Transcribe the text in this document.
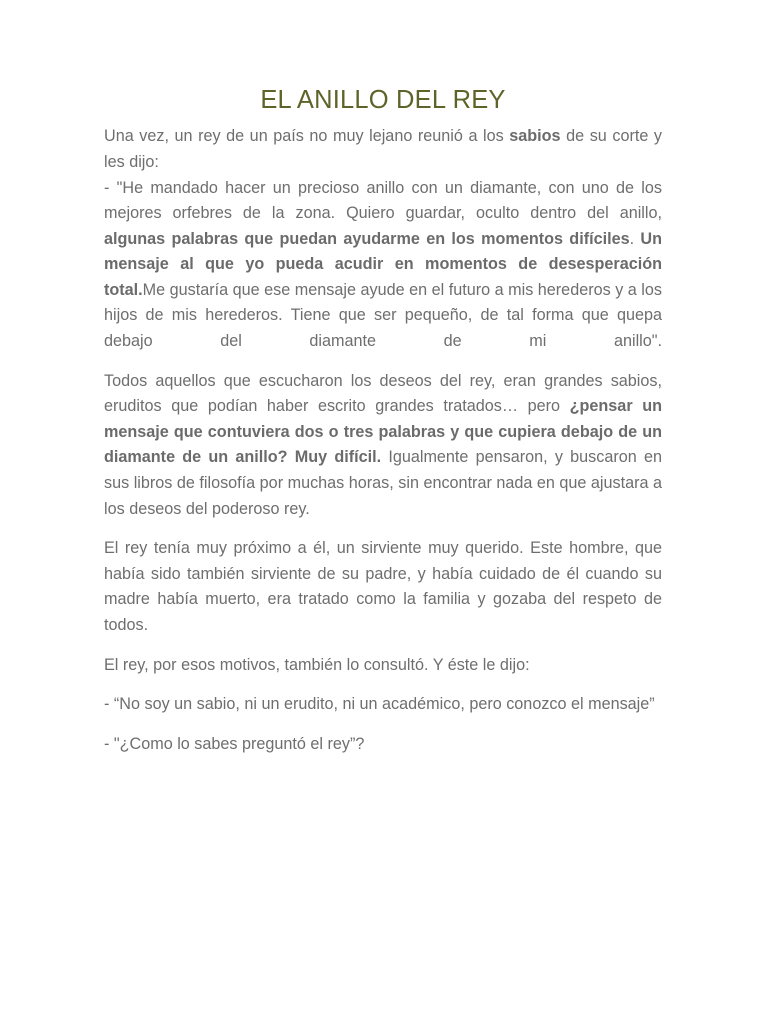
EL ANILLO DEL REY

Una vez, un rey de un país no muy lejano reunió a los sabios de su corte y les dijo:

- "He mandado hacer un precioso anillo con un diamante, con uno de los mejores orfebres de la zona. Quiero guardar, oculto dentro del anillo, algunas palabras que puedan ayudarme en los momentos difíciles. Un mensaje al que yo pueda acudir en momentos de desesperación total.Me gustaría que ese mensaje ayude en el futuro a mis herederos y a los hijos de mis herederos. Tiene que ser pequeño, de tal forma que quepa debajo del diamante de mi	anillo".

Todos aquellos que escucharon los deseos del rey, eran grandes sabios, eruditos que podían haber escrito grandes tratados… pero ¿pensar un mensaje que contuviera dos o tres palabras y que cupiera debajo de un diamante de un anillo? Muy difícil. Igualmente pensaron, y buscaron en sus libros de filosofía por muchas horas, sin encontrar nada en que ajustara a los deseos del poderoso rey.

El rey tenía muy próximo a él, un sirviente muy querido. Este hombre, que había sido también sirviente de su padre, y había cuidado de él cuando su madre había muerto, era tratado como la familia y gozaba del respeto de todos.

El rey, por esos motivos, también lo consultó. Y éste le dijo:

- “No soy un sabio, ni un erudito, ni un académico, pero conozco el mensaje”

- "¿Como lo sabes preguntó el rey”?
